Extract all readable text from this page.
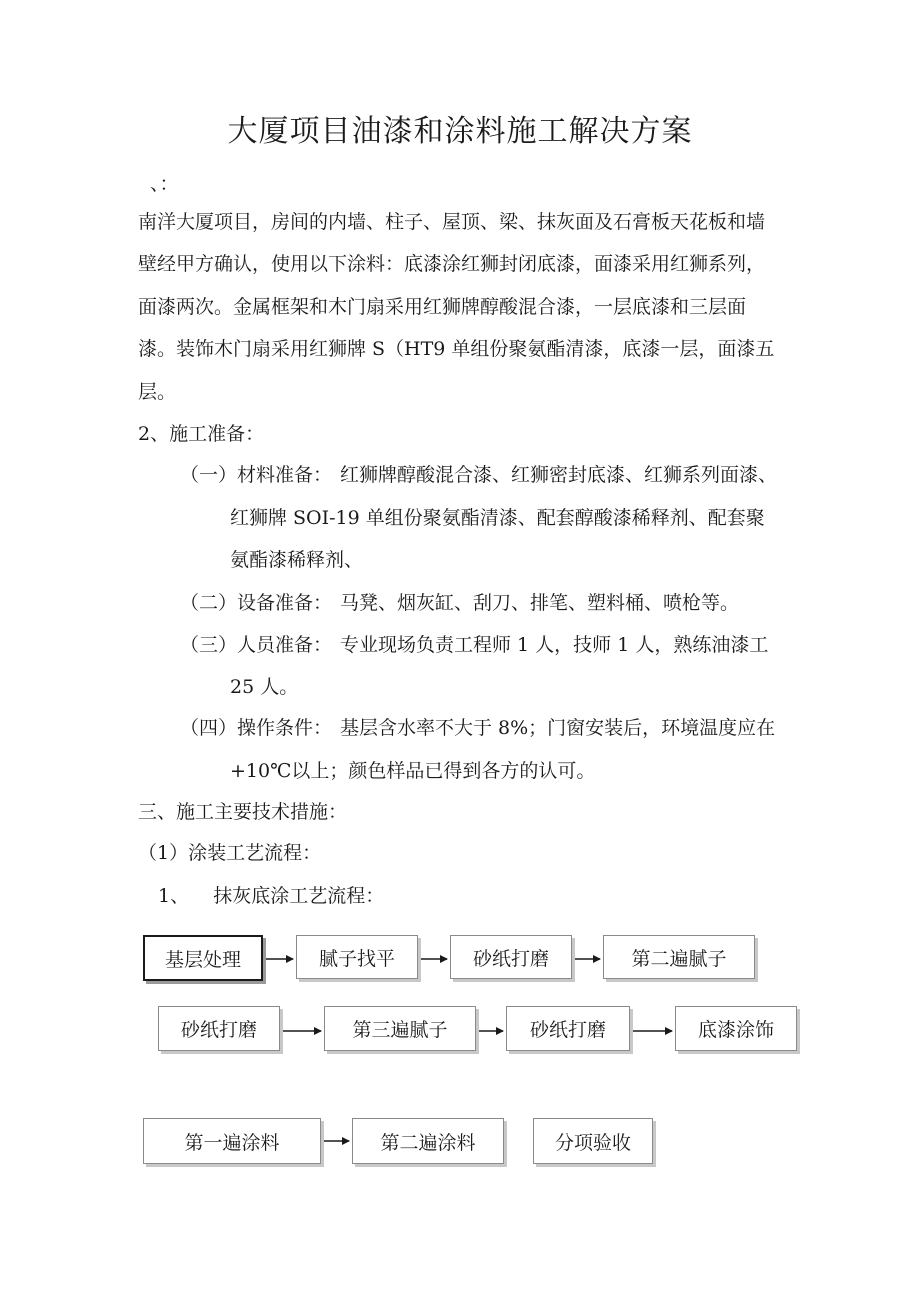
大厦项目油漆和涂料施工解决方案
、：
南洋大厦项目，房间的内墙、柱子、屋顶、梁、抹灰面及石膏板天花板和墙
壁经甲方确认，使用以下涂料：底漆涂红狮封闭底漆，面漆采用红狮系列，
面漆两次。金属框架和木门扇采用红狮牌醇酸混合漆，一层底漆和三层面
漆。装饰木门扇采用红狮牌 S（HT9 单组份聚氨酯清漆，底漆一层，面漆五
层。
2、施工准备：
（一）材料准备： 红狮牌醇酸混合漆、红狮密封底漆、红狮系列面漆、
红狮牌 SOI-19 单组份聚氨酯清漆、配套醇酸漆稀释剂、配套聚
氨酯漆稀释剂、
（二）设备准备： 马凳、烟灰缸、刮刀、排笔、塑料桶、喷枪等。
（三）人员准备： 专业现场负责工程师 1 人，技师 1 人，熟练油漆工
25 人。
（四）操作条件： 基层含水率不大于 8%；门窗安装后，环境温度应在
+10℃以上；颜色样品已得到各方的认可。
三、施工主要技术措施：
（1）涂装工艺流程：
1、    抹灰底涂工艺流程：
基层处理	腻子找平	砂纸打磨	第二遍腻子
砂纸打磨	第三遍腻子	砂纸打磨	底漆涂饰
第一遍涂料	第二遍涂料	分项验收
